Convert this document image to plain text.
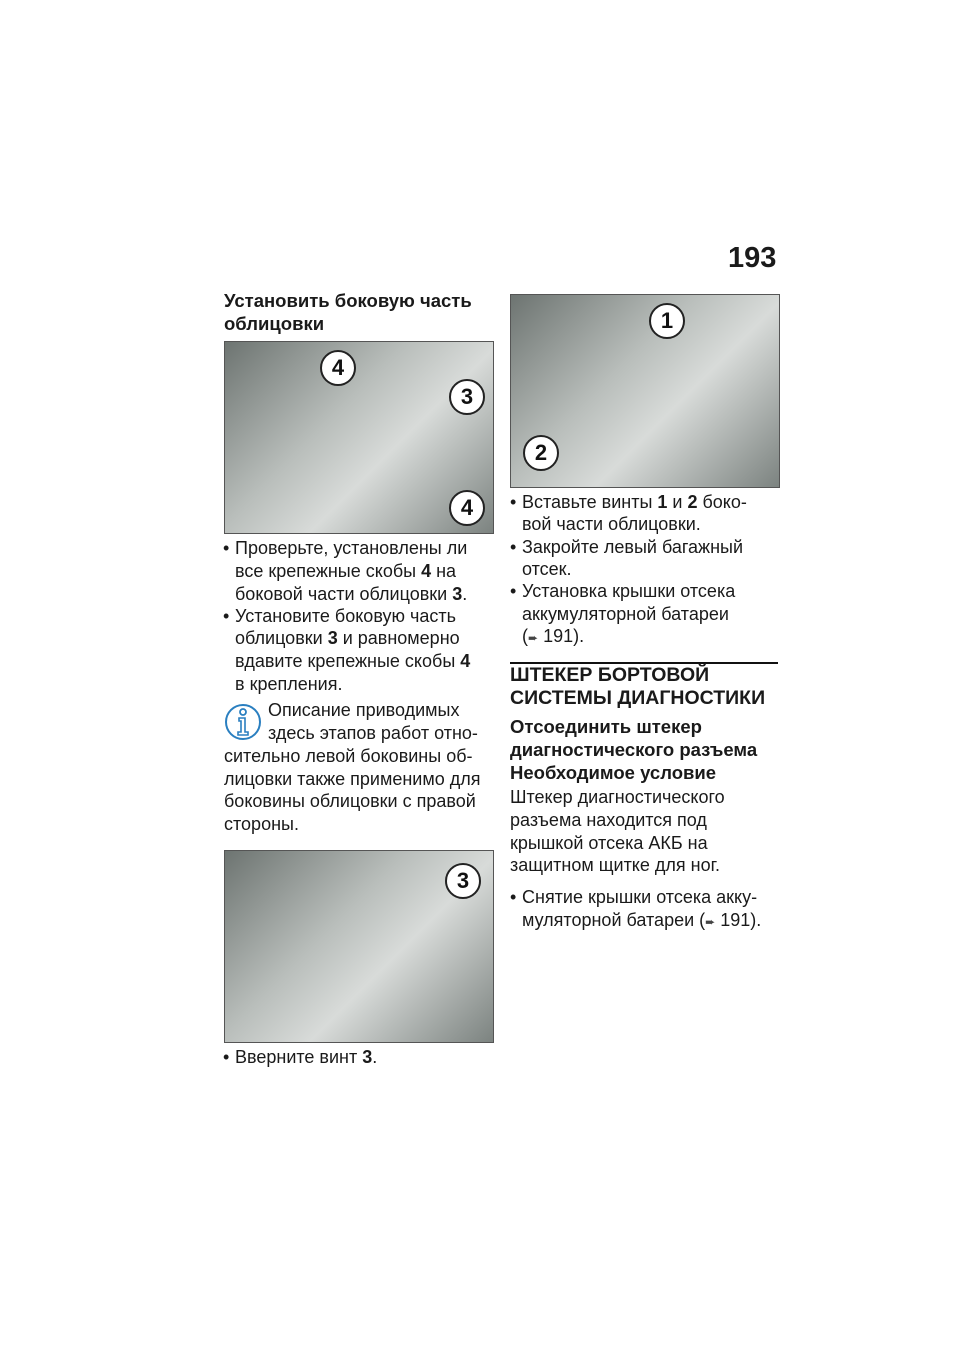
193
Установить боковую часть
облицовки
4
3
4
• Проверьте, установлены ли
все крепежные скобы 4 на
боковой части облицовки 3.
• Установите боковую часть
облицовки 3 и равномерно
вдавите крепежные скобы 4
в крепления.
Описание приводимых
здесь этапов работ отно-
сительно левой боковины об-
лицовки также применимо для
боковины облицовки с правой
стороны.
3
• Вверните винт 3.
1
2
• Вставьте винты 1 и 2 боко-
вой части облицовки.
• Закройте левый багажный
отсек.
• Установка крышки отсека
аккумуляторной батареи
(➨ 191).
ШТЕКЕР БОРТОВОЙ
СИСТЕМЫ ДИАГНОСТИКИ
Отсоединить штекер
диагностического разъема
Необходимое условие
Штекер диагностического
разъема находится под
крышкой отсека АКБ на
защитном щитке для ног.
• Снятие крышки отсека акку-
муляторной батареи (➨ 191).
